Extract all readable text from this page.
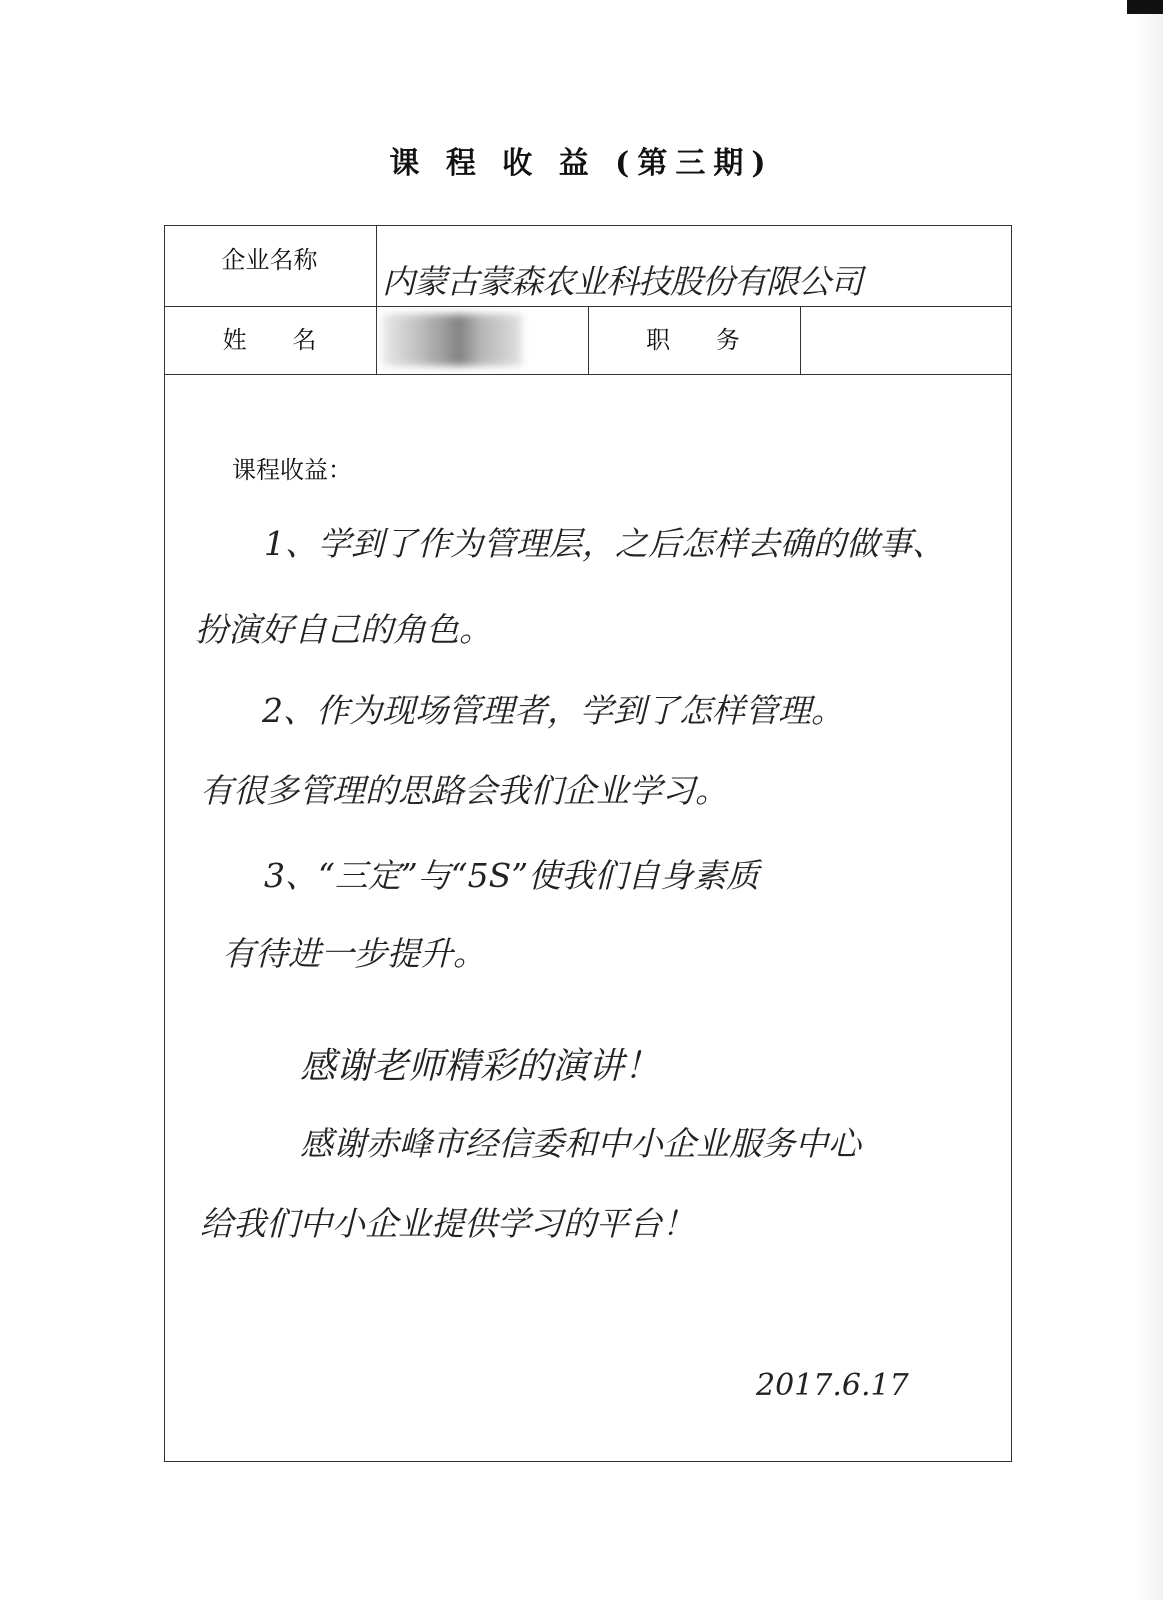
课 程 收 益 (第三期)
企业名称
内蒙古蒙森农业科技股份有限公司
姓      名	职      务
课程收益：
1、学到了作为管理层，之后怎样去确的做事、
扮演好自己的角色。
2、作为现场管理者，学到了怎样管理。
有很多管理的思路会我们企业学习。
3、“三定”与“5S”使我们自身素质
有待进一步提升。
感谢老师精彩的演讲！
感谢赤峰市经信委和中小企业服务中心
给我们中小企业提供学习的平台！
2017.6.17
